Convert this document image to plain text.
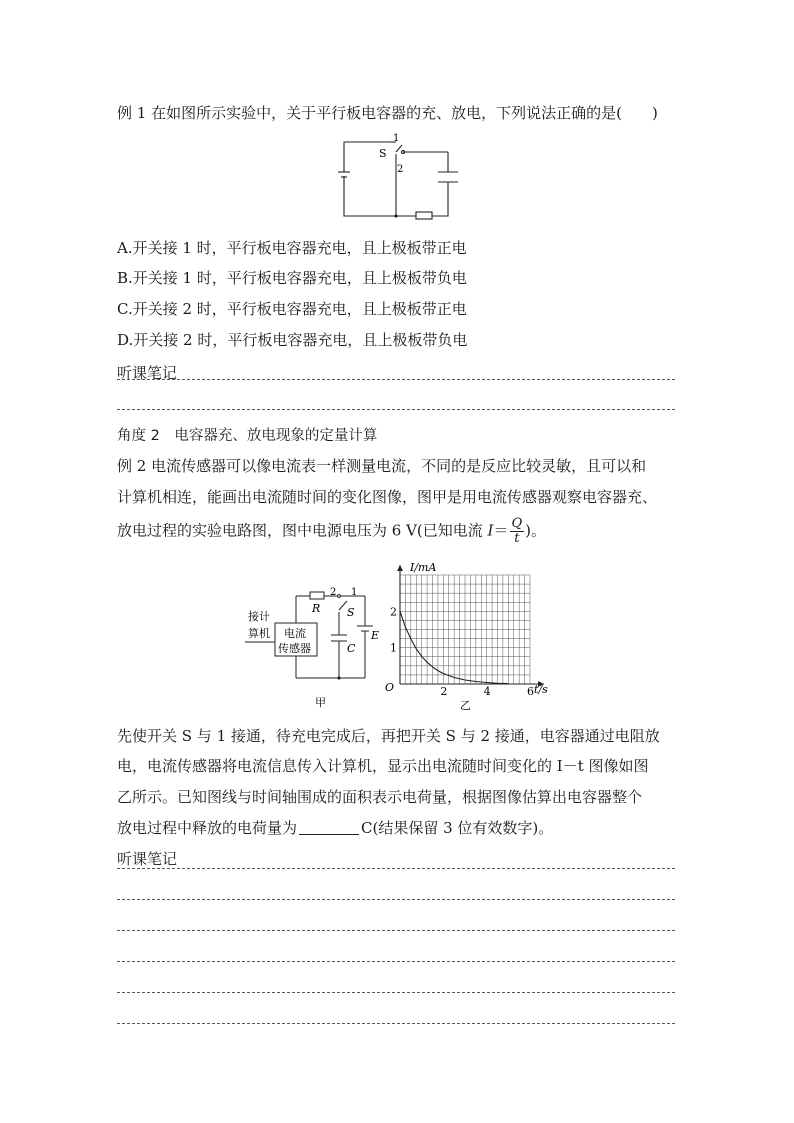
例 1 在如图所示实验中，关于平行板电容器的充、放电，下列说法正确的是(　　)
1
S
2
A.开关接 1 时，平行板电容器充电，且上极板带正电
B.开关接 1 时，平行板电容器充电，且上极板带负电
C.开关接 2 时，平行板电容器充电，且上极板带正电
D.开关接 2 时，平行板电容器充电，且上极板带负电
听课笔记
角度 2　电容器充、放电现象的定量计算
例 2 电流传感器可以像电流表一样测量电流，不同的是反应比较灵敏，且可以和
计算机相连，能画出电流随时间的变化图像，图甲是用电流传感器观察电容器充、
放电过程的实验电路图，图中电源电压为 6 V(已知电流 $I= \frac{Q}{t}$ )。
接计
算机 电流
传感器
R
2 1
S
C
E
甲
2	4	6
1
2
I/mA
t/s
O
乙
先使开关 S 与 1 接通，待充电完成后，再把开关 S 与 2 接通，电容器通过电阻放
电，电流传感器将电流信息传入计算机，显示出电流随时间变化的 I－t 图像如图
乙所示。已知图线与时间轴围成的面积表示电荷量，根据图像估算出电容器整个
放电过程中释放的电荷量为	C(结果保留 3 位有效数字)。
听课笔记
